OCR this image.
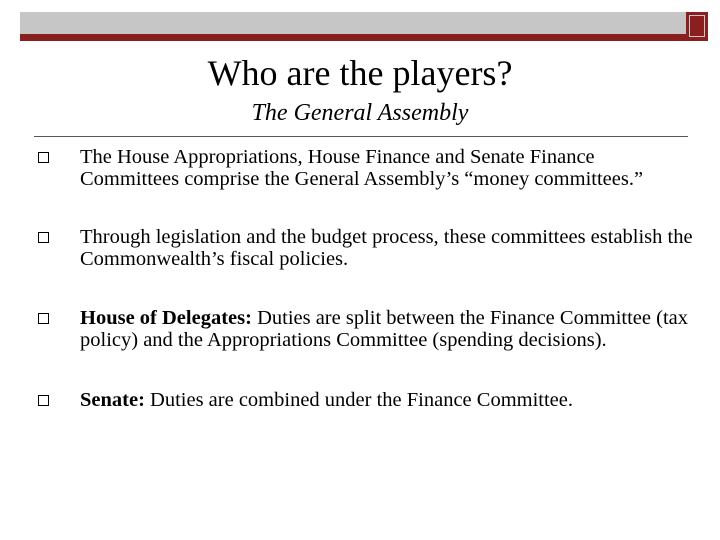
Who are the players?
The General Assembly
The House Appropriations, House Finance and Senate Finance Committees comprise the General Assembly’s “money committees.”
Through legislation and the budget process, these committees establish the Commonwealth’s fiscal policies.
House of Delegates: Duties are split between the Finance Committee (tax policy) and the Appropriations Committee (spending decisions).
Senate: Duties are combined under the Finance Committee.
